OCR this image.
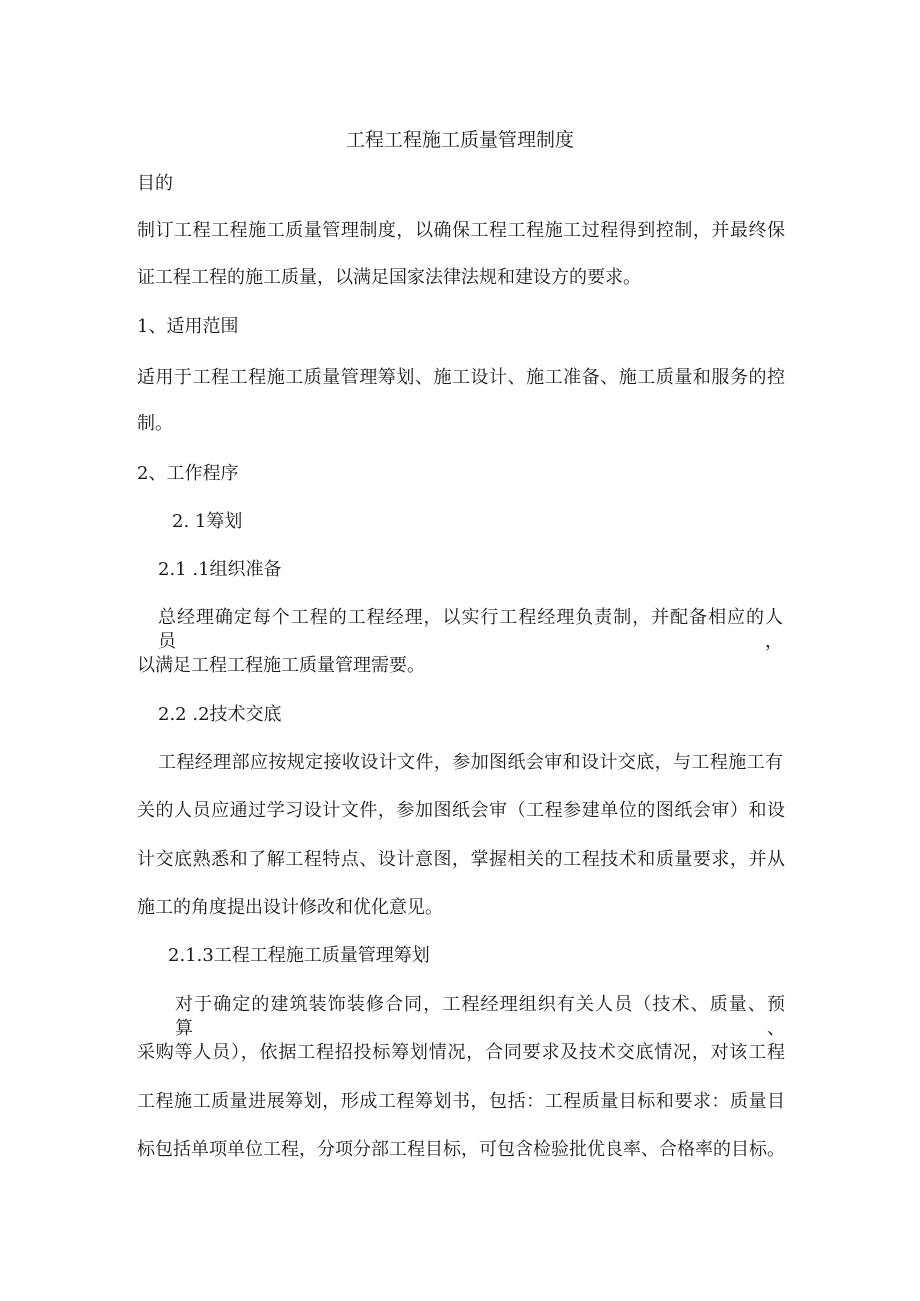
工程工程施工质量管理制度
目的
制订工程工程施工质量管理制度，以确保工程工程施工过程得到控制，并最终保
证工程工程的施工质量，以满足国家法律法规和建设方的要求。
1、适用范围
适用于工程工程施工质量管理筹划、施工设计、施工准备、施工质量和服务的控
制。
2、工作程序
2. 1筹划
2.1 .1组织准备
总经理确定每个工程的工程经理，以实行工程经理负责制，并配备相应的人员，
以满足工程工程施工质量管理需要。
2.2 .2技术交底
工程经理部应按规定接收设计文件，参加图纸会审和设计交底，与工程施工有
关的人员应通过学习设计文件，参加图纸会审（工程参建单位的图纸会审）和设
计交底熟悉和了解工程特点、设计意图，掌握相关的工程技术和质量要求，并从
施工的角度提出设计修改和优化意见。
2.1.3工程工程施工质量管理筹划
对于确定的建筑装饰装修合同，工程经理组织有关人员（技术、质量、预算、
采购等人员），依据工程招投标筹划情况，合同要求及技术交底情况，对该工程
工程施工质量进展筹划，形成工程筹划书，包括：工程质量目标和要求：质量目
标包括单项单位工程，分项分部工程目标，可包含检验批优良率、合格率的目标。
